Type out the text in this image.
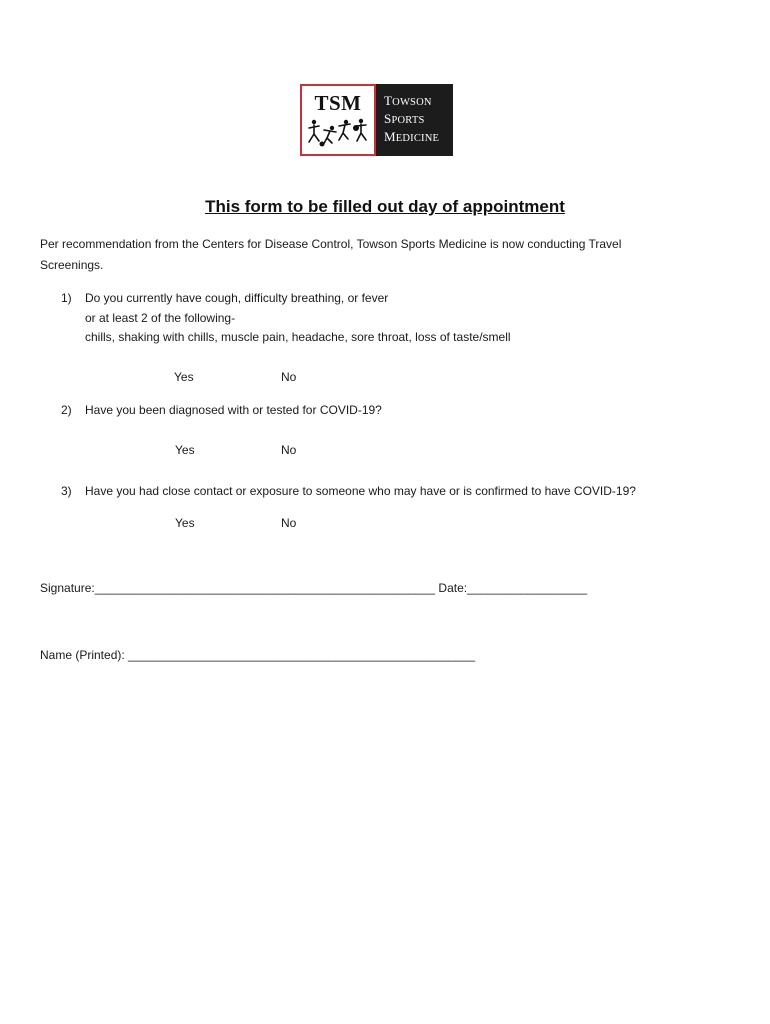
TSM	TOWSON
SPORTS
MEDICINE
This form to be filled out day of appointment
Per recommendation from the Centers for Disease Control, Towson Sports Medicine is now conducting Travel
Screenings.
1) Do you currently have cough, difficulty breathing, or fever
or at least 2 of the following-
chills, shaking with chills, muscle pain, headache, sore throat, loss of taste/smell
Yes	No
2) Have you been diagnosed with or tested for COVID-19?
Yes	No
3) Have you had close contact or exposure to someone who may have or is confirmed to have COVID-19?
Yes	No
Signature:___________________________________________________ Date:__________________
Name (Printed): ____________________________________________________
